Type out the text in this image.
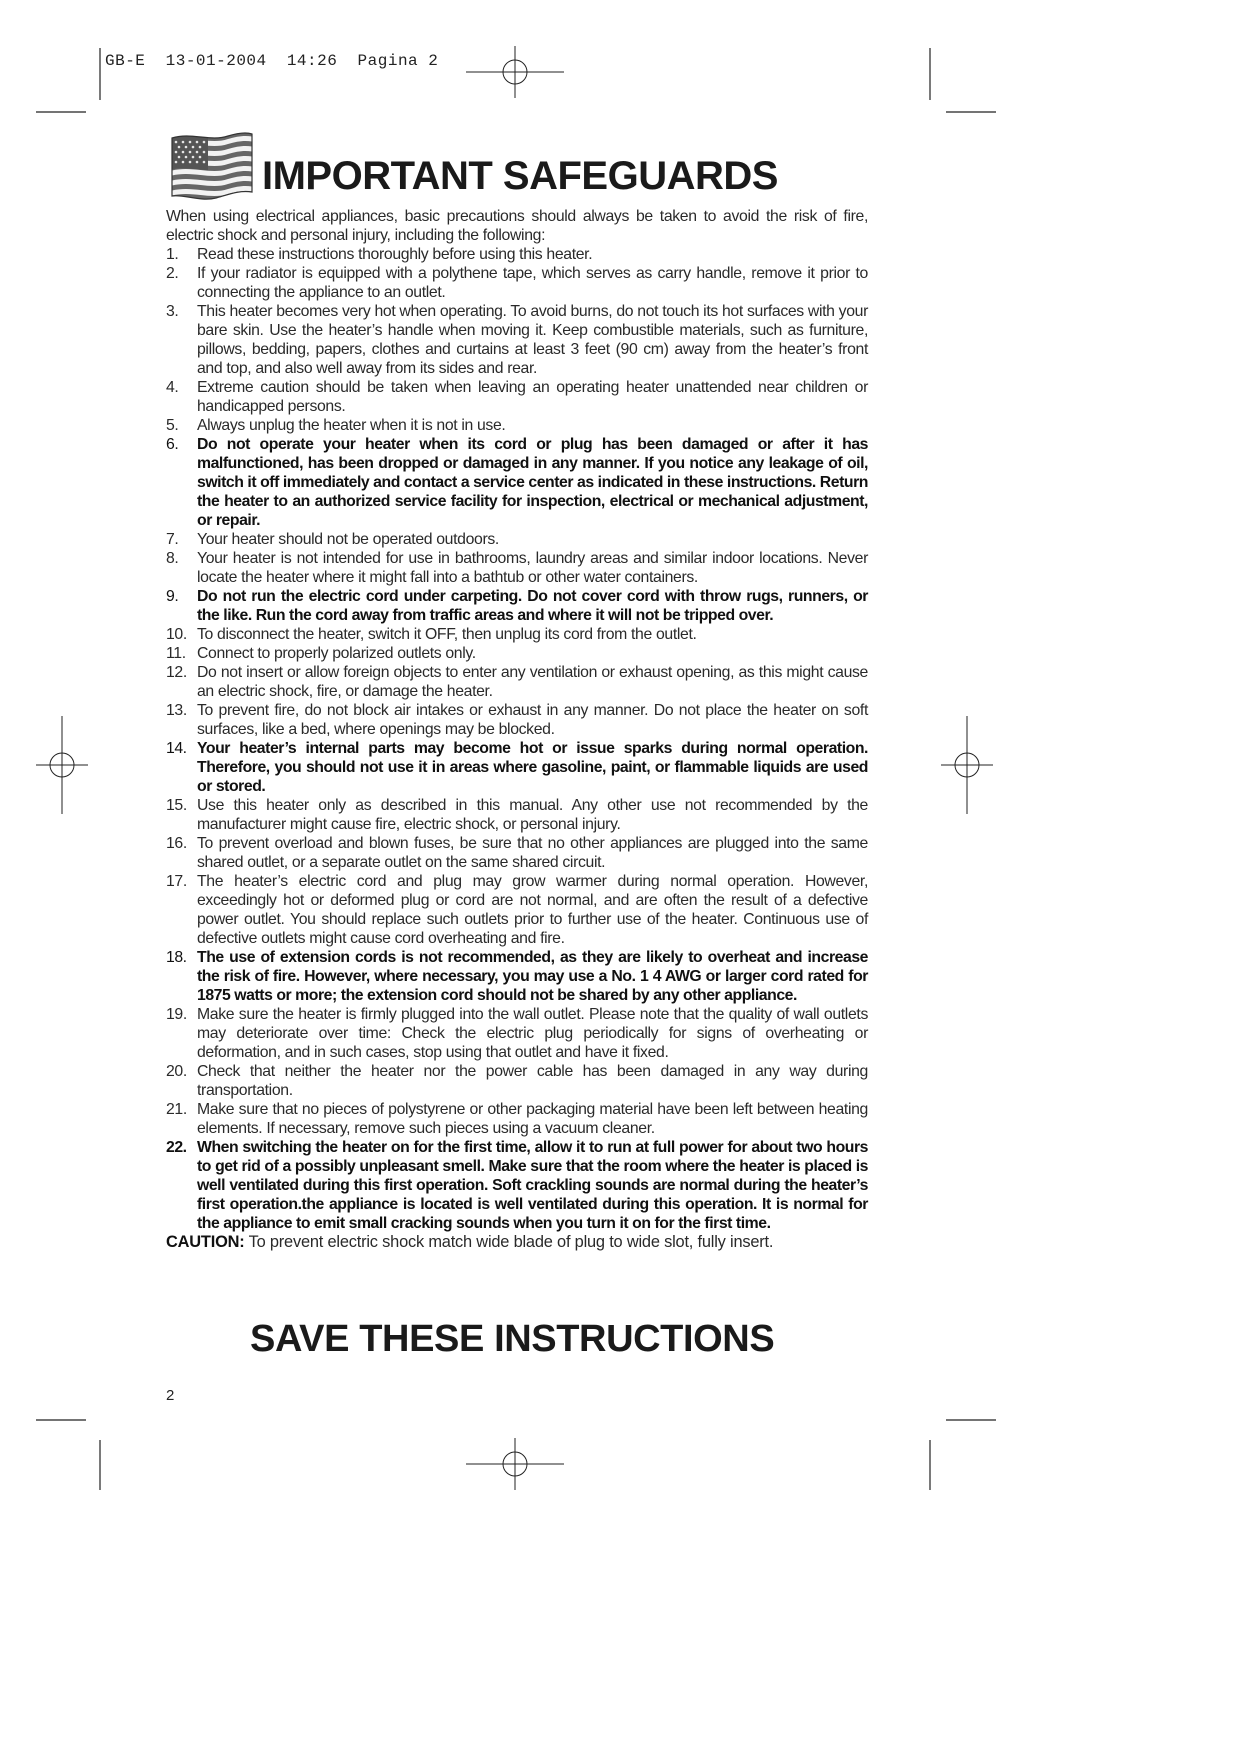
GB-E  13-01-2004  14:26  Pagina 2
IMPORTANT SAFEGUARDS

When using electrical appliances, basic precautions should always be taken to avoid the risk of fire, electric shock and personal injury, including the following:

1. Read these instructions thoroughly before using this heater.
2. If your radiator is equipped with a polythene tape, which serves as carry handle, remove it prior to connecting the appliance to an outlet.
3. This heater becomes very hot when operating. To avoid burns, do not touch its hot surfaces with your bare skin. Use the heater’s handle when moving it. Keep combustible materials, such as furniture, pillows, bedding, papers, clothes and curtains at least 3 feet (90 cm) away from the heater’s front and top, and also well away from its sides and rear.
4. Extreme caution should be taken when leaving an operating heater unattended near children or handicapped persons.
5. Always unplug the heater when it is not in use.
6. Do not operate your heater when its cord or plug has been damaged or after it has malfunctioned, has been dropped or damaged in any manner. If you notice any leakage of oil, switch it off immediately and contact a service center as indicated in these instructions. Return the heater to an authorized service facility for inspection, electrical or mechanical adjustment, or repair.
7. Your heater should not be operated outdoors.
8. Your heater is not intended for use in bathrooms, laundry areas and similar indoor locations. Never locate the heater where it might fall into a bathtub or other water containers.
9. Do not run the electric cord under carpeting. Do not cover cord with throw rugs, runners, or the like. Run the cord away from traffic areas and where it will not be tripped over.
10. To disconnect the heater, switch it OFF, then unplug its cord from the outlet.
11. Connect to properly polarized outlets only.
12. Do not insert or allow foreign objects to enter any ventilation or exhaust opening, as this might cause an electric shock, fire, or damage the heater.
13. To prevent fire, do not block air intakes or exhaust in any manner. Do not place the heater on soft surfaces, like a bed, where openings may be blocked.
14. Your heater’s internal parts may become hot or issue sparks during normal operation. Therefore, you should not use it in areas where gasoline, paint, or flammable liquids are used or stored.
15. Use this heater only as described in this manual. Any other use not recommended by the manufacturer might cause fire, electric shock, or personal injury.
16. To prevent overload and blown fuses, be sure that no other appliances are plugged into the same shared outlet, or a separate outlet on the same shared circuit.
17. The heater’s electric cord and plug may grow warmer during normal operation. However, exceedingly hot or deformed plug or cord are not normal, and are often the result of a defective power outlet. You should replace such outlets prior to further use of the heater. Continuous use of defective outlets might cause cord overheating and fire.
18. The use of extension cords is not recommended, as they are likely to overheat and increase the risk of fire. However, where necessary, you may use a No. 1 4 AWG or larger cord rated for 1875 watts or more; the extension cord should not be shared by any other appliance.
19. Make sure the heater is firmly plugged into the wall outlet. Please note that the quality of wall outlets may deteriorate over time: Check the electric plug periodically for signs of overheating or deformation, and in such cases, stop using that outlet and have it fixed.
20. Check that neither the heater nor the power cable has been damaged in any way during transportation.
21. Make sure that no pieces of polystyrene or other packaging material have been left between heating elements. If necessary, remove such pieces using a vacuum cleaner.
22. When switching the heater on for the first time, allow it to run at full power for about two hours to get rid of a possibly unpleasant smell. Make sure that the room where the heater is placed is well ventilated during this first operation. Soft crackling sounds are normal during the heater’s first operation.the appliance is located is well ventilated during this operation. It is normal for the appliance to emit small cracking sounds when you turn it on for the first time.

CAUTION: To prevent electric shock match wide blade of plug to wide slot, fully insert.

SAVE THESE INSTRUCTIONS
2
